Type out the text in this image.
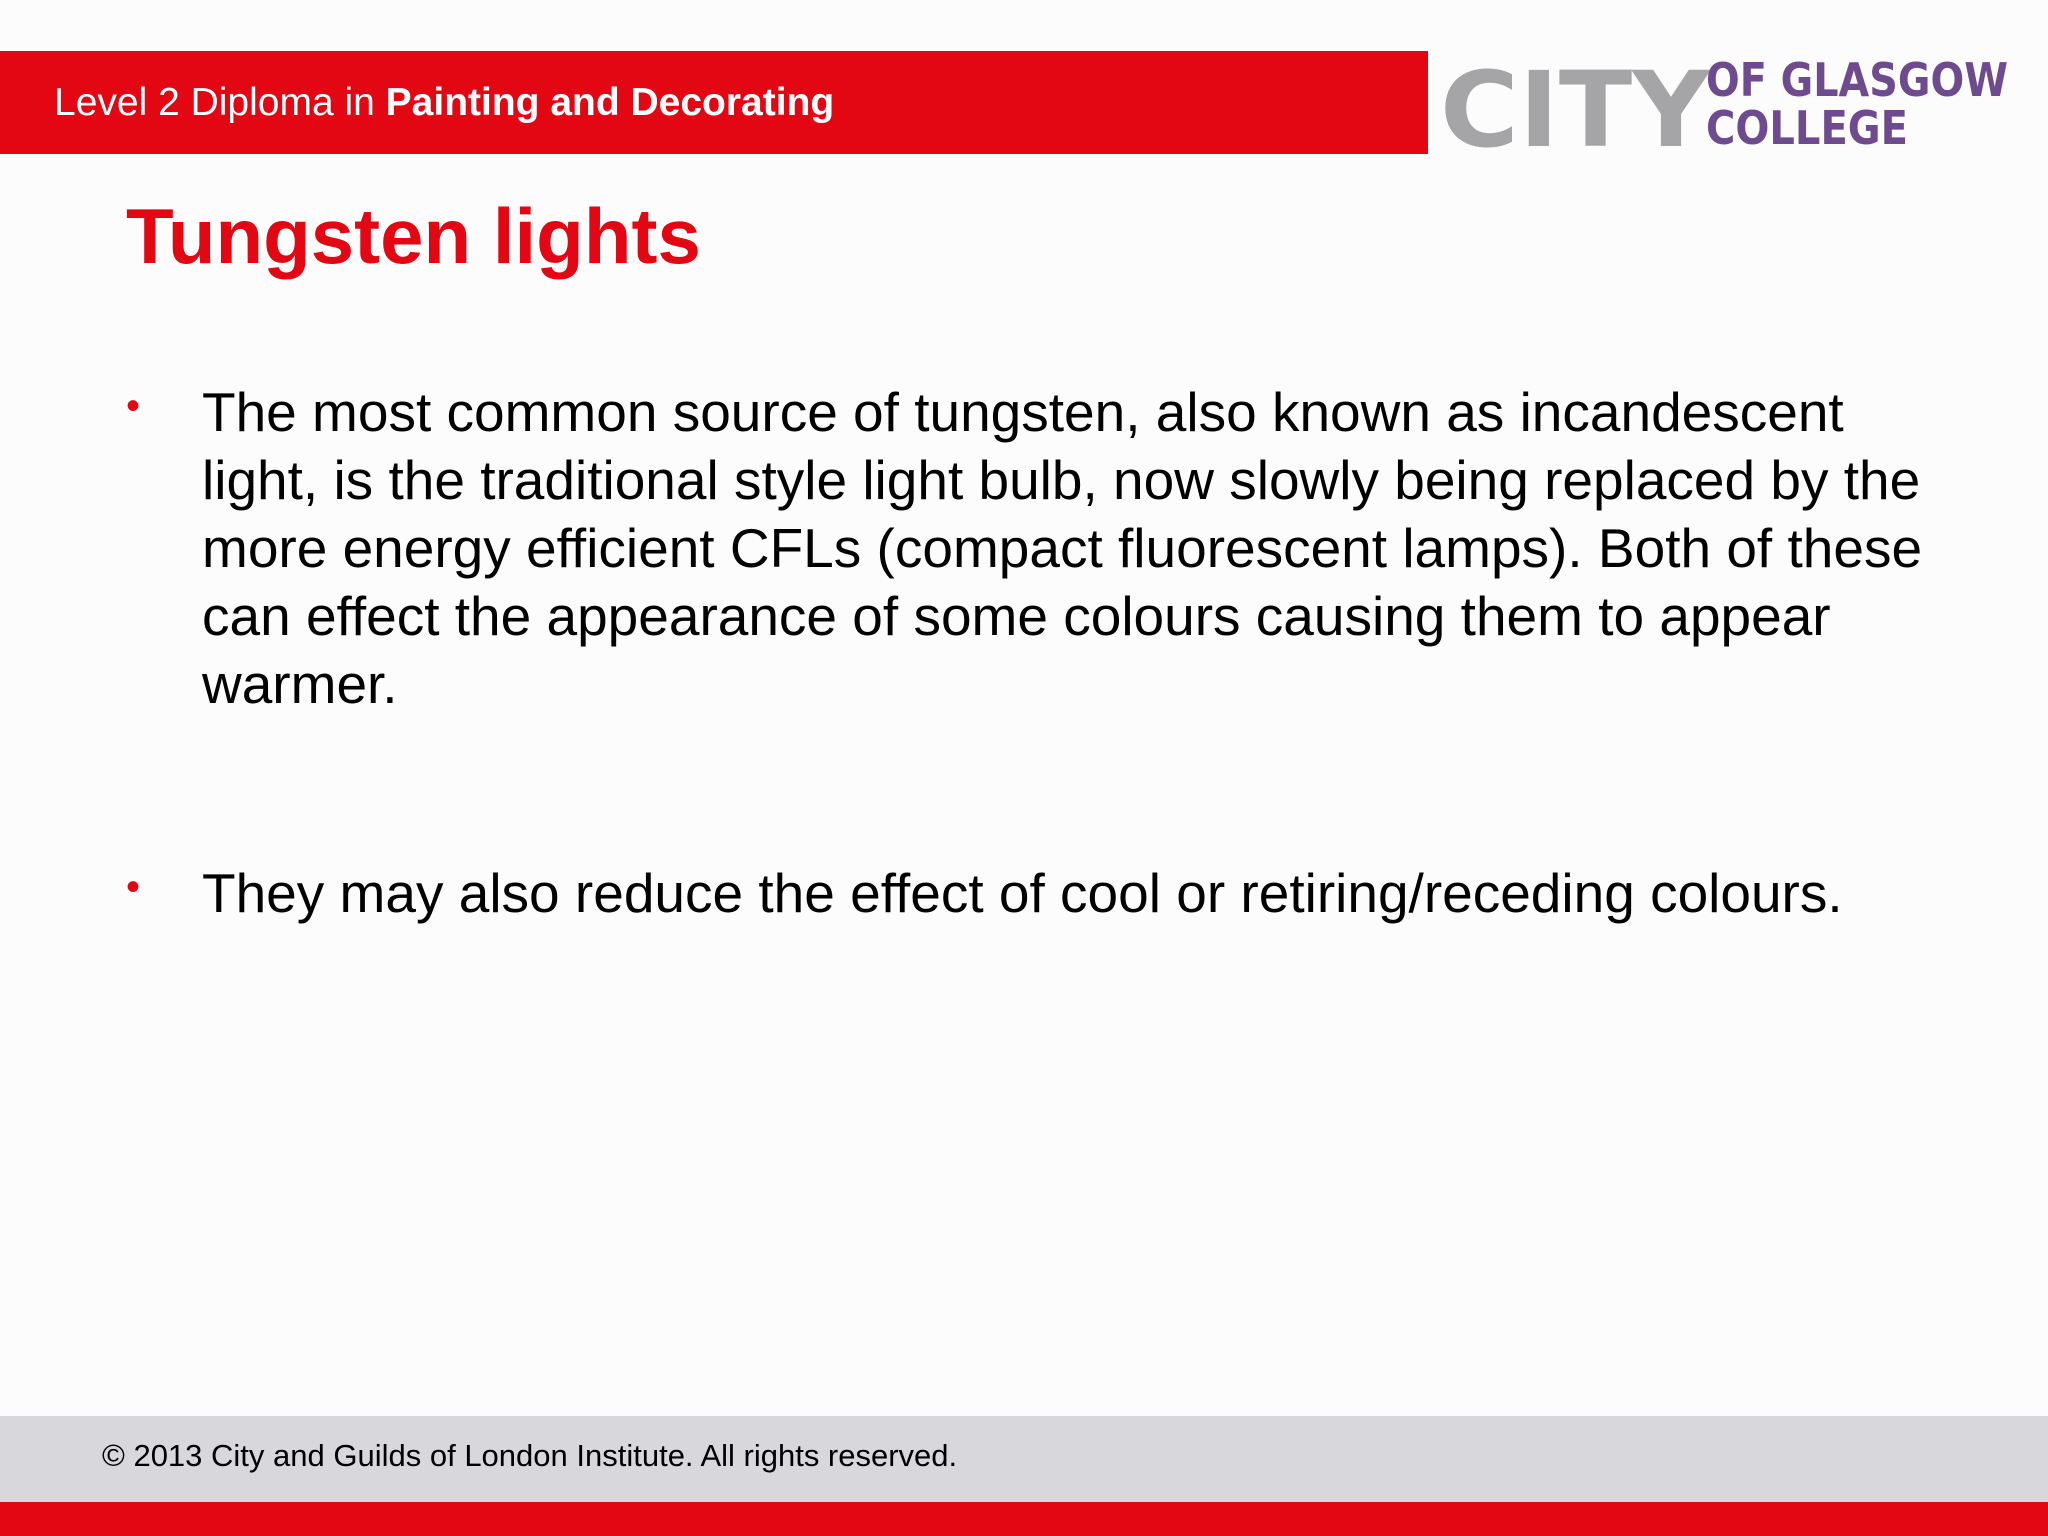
Level 2 Diploma in Painting and Decorating	CITY
OF GLASGOW
COLLEGE
Tungsten lights
• The most common source of tungsten, also known as incandescent light, is the traditional style light bulb, now slowly being replaced by the more energy efficient CFLs (compact fluorescent lamps). Both of these can effect the appearance of some colours causing them to appear warmer.
• They may also reduce the effect of cool or retiring/receding colours.
© 2013 City and Guilds of London Institute. All rights reserved.
